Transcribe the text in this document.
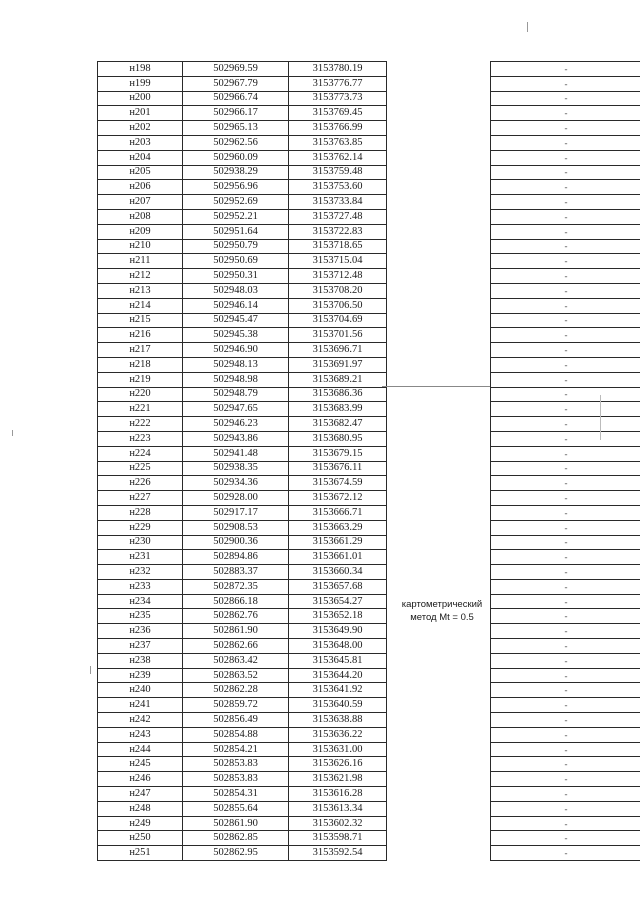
н198	502969.59	3153780.19		-
н199	502967.79	3153776.77		-
н200	502966.74	3153773.73		-
н201	502966.17	3153769.45		-
н202	502965.13	3153766.99		-
н203	502962.56	3153763.85		-
н204	502960.09	3153762.14		-
н205	502938.29	3153759.48		-
н206	502956.96	3153753.60		-
н207	502952.69	3153733.84		-
н208	502952.21	3153727.48		-
н209	502951.64	3153722.83		-
н210	502950.79	3153718.65		-
н211	502950.69	3153715.04		-
н212	502950.31	3153712.48		-
н213	502948.03	3153708.20		-
н214	502946.14	3153706.50		-
н215	502945.47	3153704.69		-
н216	502945.38	3153701.56		-
н217	502946.90	3153696.71		-
н218	502948.13	3153691.97		-
н219	502948.98	3153689.21		-
н220	502948.79	3153686.36		-
н221	502947.65	3153683.99		-
н222	502946.23	3153682.47		-
н223	502943.86	3153680.95		-
н224	502941.48	3153679.15		-
н225	502938.35	3153676.11		-
н226	502934.36	3153674.59		-
н227	502928.00	3153672.12		-
н228	502917.17	3153666.71		-
н229	502908.53	3153663.29		-
н230	502900.36	3153661.29		-
н231	502894.86	3153661.01		-
н232	502883.37	3153660.34		-
н233	502872.35	3153657.68		-
н234	502866.18	3153654.27		-
н235	502862.76	3153652.18		-
н236	502861.90	3153649.90		-
н237	502862.66	3153648.00		-
н238	502863.42	3153645.81		-
н239	502863.52	3153644.20		-
н240	502862.28	3153641.92		-
н241	502859.72	3153640.59		-
н242	502856.49	3153638.88		-
н243	502854.88	3153636.22		-
н244	502854.21	3153631.00		-
н245	502853.83	3153626.16		-
н246	502853.83	3153621.98		-
н247	502854.31	3153616.28		-
н248	502855.64	3153613.34		-
н249	502861.90	3153602.32		-
н250	502862.85	3153598.71		-
н251	502862.95	3153592.54		-
картометрический
метод Mt = 0.5
